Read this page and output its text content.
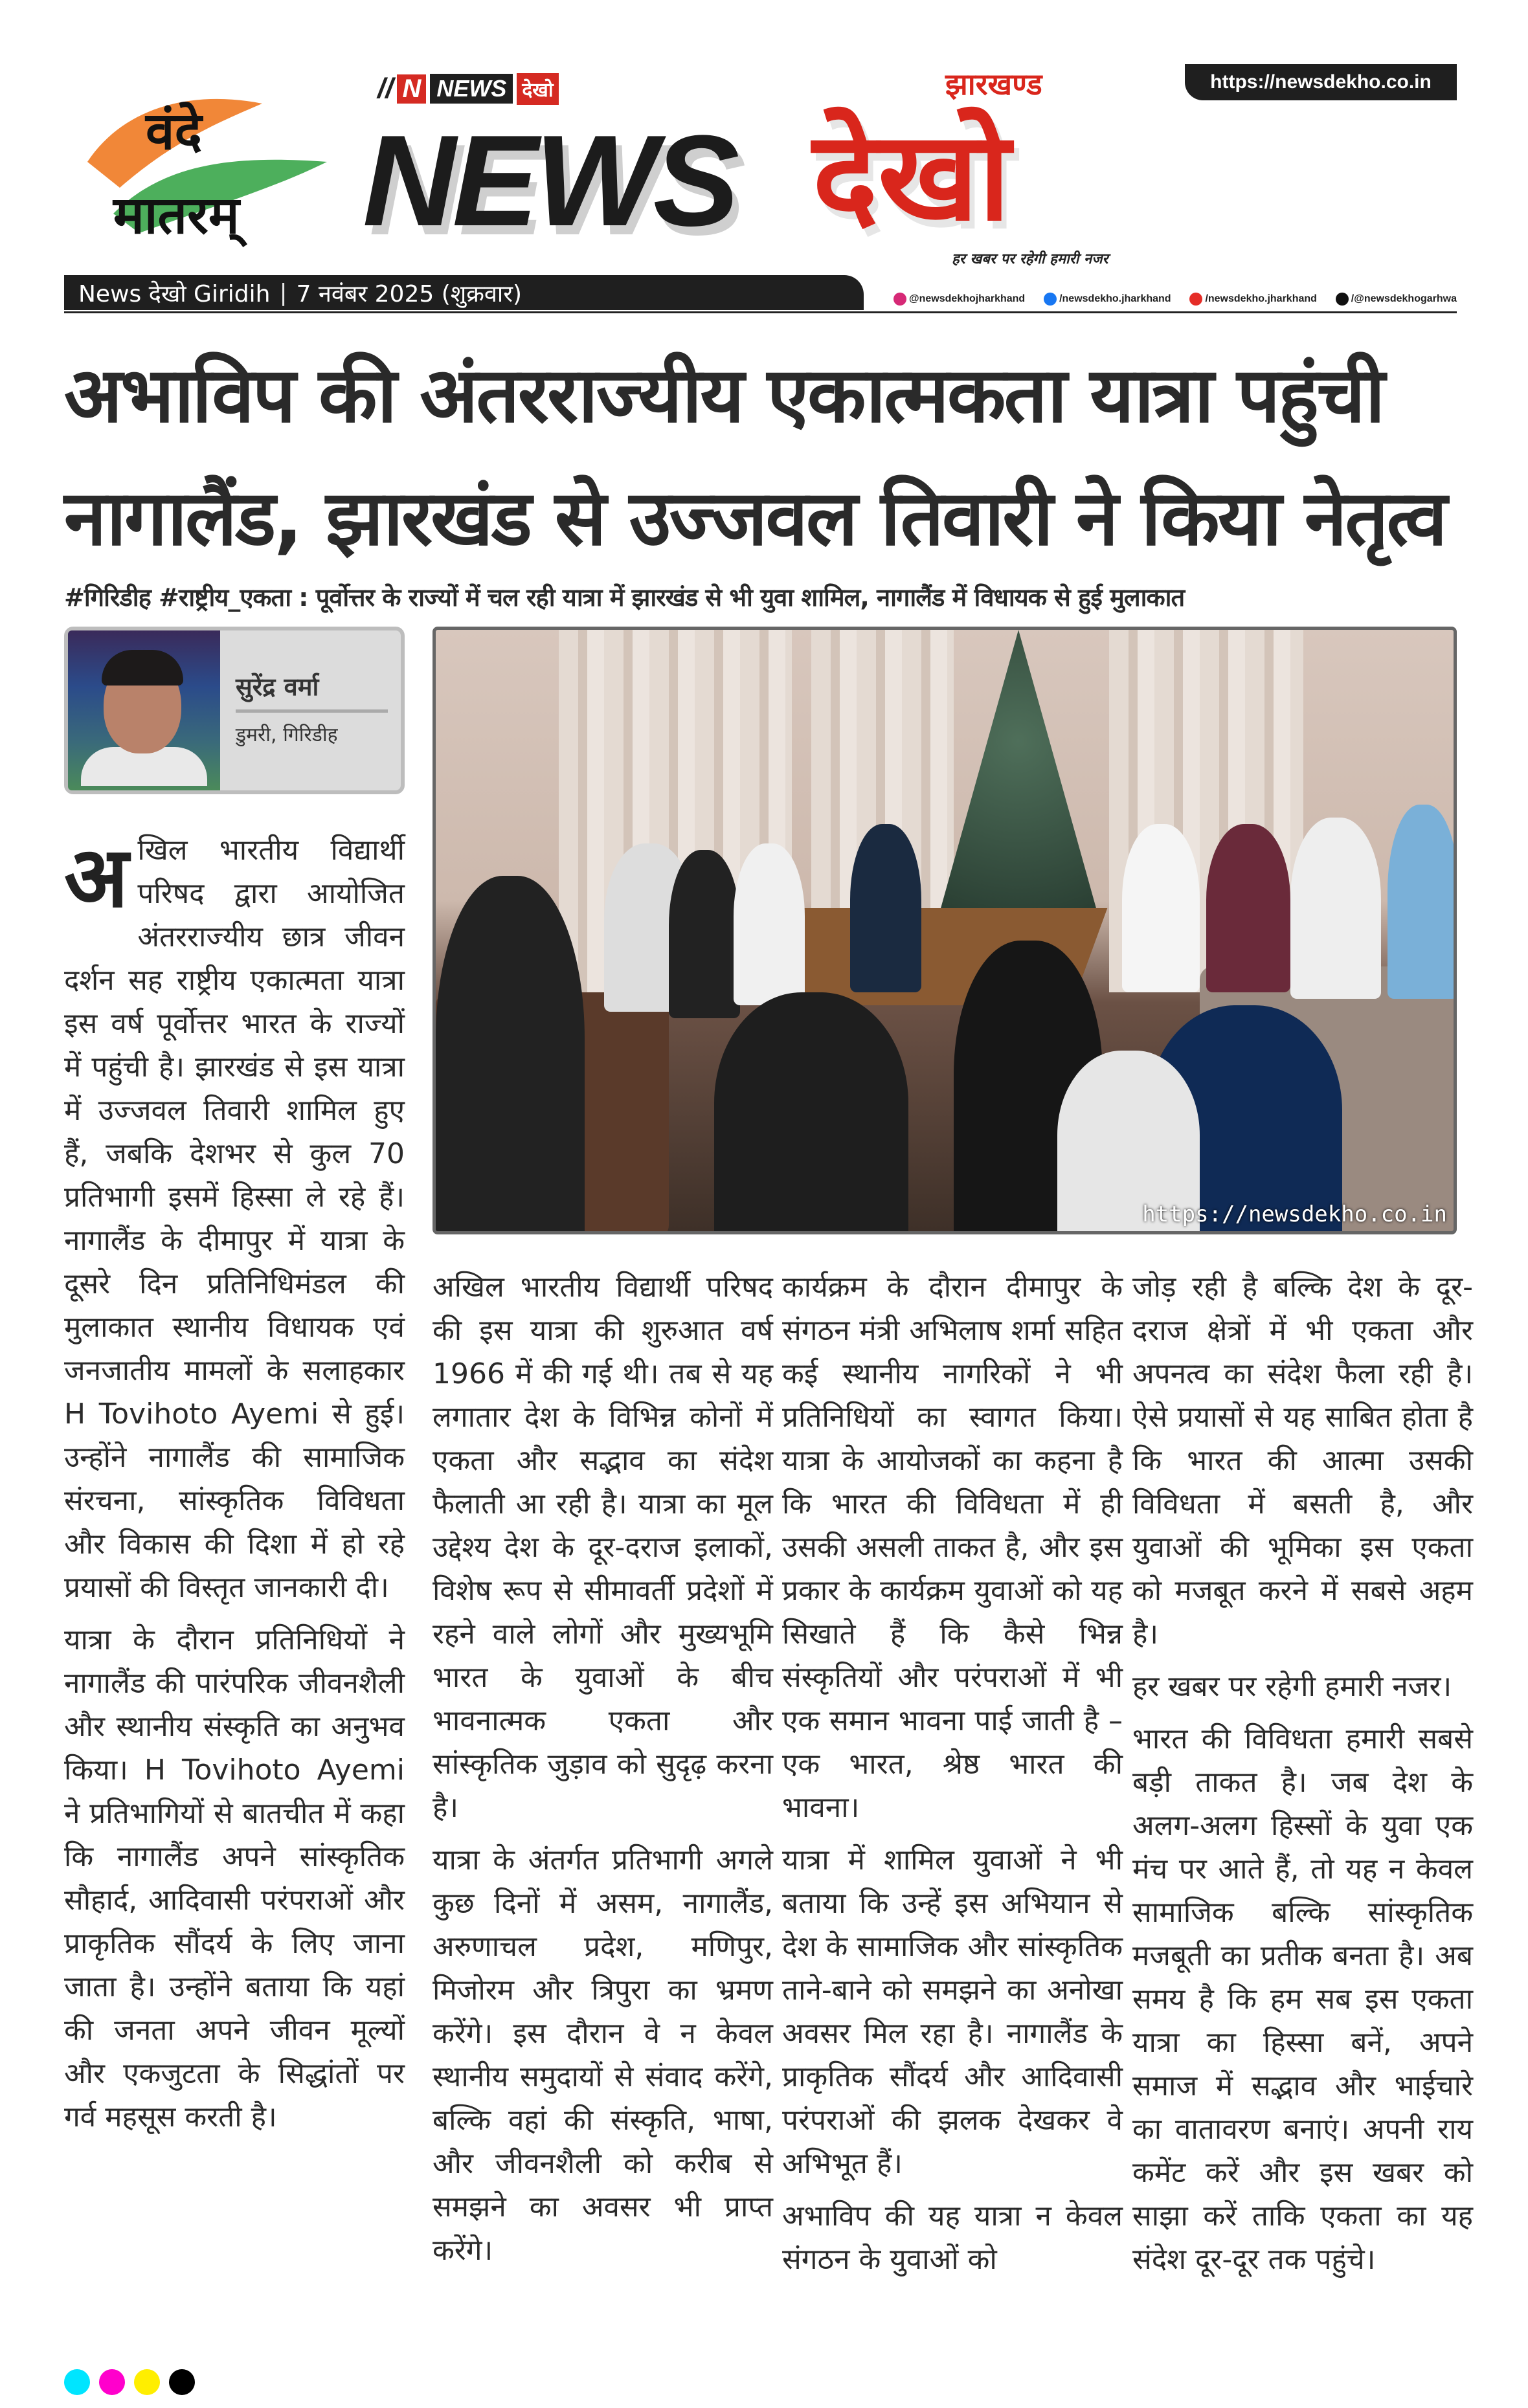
https://newsdekho.co.in
वंदे
मातरम्
// N NEWS देखो
NEWS
झारखण्ड
देखो
हर खबर पर रहेगी हमारी नजर
News देखो Giridih | 7 नवंबर 2025 (शुक्रवार)	@newsdekhojharkhand	/newsdekho.jharkhand	/newsdekho.jharkhand	/@newsdekhogarhwa
अभाविप की अंतरराज्यीय एकात्मकता यात्रा पहुंची
नागालैंड, झारखंड से उज्जवल तिवारी ने किया नेतृत्व
#गिरिडीह #राष्ट्रीय_एकता : पूर्वोत्तर के राज्यों में चल रही यात्रा में झारखंड से भी युवा शामिल, नागालैंड में विधायक से हुई मुलाकात
सुरेंद्र वर्मा
डुमरी, गिरिडीह
https://newsdekho.co.in

अखिल भारतीय विद्यार्थी परिषद द्वारा आयोजित अंतरराज्यीय छात्र जीवन दर्शन सह राष्ट्रीय एकात्मता यात्रा इस वर्ष पूर्वोत्तर भारत के राज्यों में पहुंची है। झारखंड से इस यात्रा में उज्जवल तिवारी शामिल हुए हैं, जबकि देशभर से कुल 70 प्रतिभागी इसमें हिस्सा ले रहे हैं। नागालैंड के दीमापुर में यात्रा के दूसरे दिन प्रतिनिधिमंडल की मुलाकात स्थानीय विधायक एवं जनजातीय मामलों के सलाहकार H Tovihoto Ayemi से हुई। उन्होंने नागालैंड की सामाजिक संरचना, सांस्कृतिक विविधता और विकास की दिशा में हो रहे प्रयासों की विस्तृत जानकारी दी।

यात्रा के दौरान प्रतिनिधियों ने नागालैंड की पारंपरिक जीवनशैली और स्थानीय संस्कृति का अनुभव किया। H Tovihoto Ayemi ने प्रतिभागियों से बातचीत में कहा कि नागालैंड अपने सांस्कृतिक सौहार्द, आदिवासी परंपराओं और प्राकृतिक सौंदर्य के लिए जाना जाता है। उन्होंने बताया कि यहां की जनता अपने जीवन मूल्यों और एकजुटता के सिद्धांतों पर गर्व महसूस करती है।

अखिल भारतीय विद्यार्थी परिषद की इस यात्रा की शुरुआत वर्ष 1966 में की गई थी। तब से यह लगातार देश के विभिन्न कोनों में एकता और सद्भाव का संदेश फैलाती आ रही है। यात्रा का मूल उद्देश्य देश के दूर-दराज इलाकों, विशेष रूप से सीमावर्ती प्रदेशों में रहने वाले लोगों और मुख्यभूमि भारत के युवाओं के बीच भावनात्मक एकता और सांस्कृतिक जुड़ाव को सुदृढ़ करना है।

यात्रा के अंतर्गत प्रतिभागी अगले कुछ दिनों में असम, नागालैंड, अरुणाचल प्रदेश, मणिपुर, मिजोरम और त्रिपुरा का भ्रमण करेंगे। इस दौरान वे न केवल स्थानीय समुदायों से संवाद करेंगे, बल्कि वहां की संस्कृति, भाषा, और जीवनशैली को करीब से समझने का अवसर भी प्राप्त करेंगे।

कार्यक्रम के दौरान दीमापुर के संगठन मंत्री अभिलाष शर्मा सहित कई स्थानीय नागरिकों ने भी प्रतिनिधियों का स्वागत किया। यात्रा के आयोजकों का कहना है कि भारत की विविधता में ही उसकी असली ताकत है, और इस प्रकार के कार्यक्रम युवाओं को यह सिखाते हैं कि कैसे भिन्न संस्कृतियों और परंपराओं में भी एक समान भावना पाई जाती है – एक भारत, श्रेष्ठ भारत की भावना।

यात्रा में शामिल युवाओं ने भी बताया कि उन्हें इस अभियान से देश के सामाजिक और सांस्कृतिक ताने-बाने को समझने का अनोखा अवसर मिल रहा है। नागालैंड के प्राकृतिक सौंदर्य और आदिवासी परंपराओं की झलक देखकर वे अभिभूत हैं।

अभाविप की यह यात्रा न केवल संगठन के युवाओं को

जोड़ रही है बल्कि देश के दूर-दराज क्षेत्रों में भी एकता और अपनत्व का संदेश फैला रही है। ऐसे प्रयासों से यह साबित होता है कि भारत की आत्मा उसकी विविधता में बसती है, और युवाओं की भूमिका इस एकता को मजबूत करने में सबसे अहम है।

हर खबर पर रहेगी हमारी नजर।

भारत की विविधता हमारी सबसे बड़ी ताकत है। जब देश के अलग-अलग हिस्सों के युवा एक मंच पर आते हैं, तो यह न केवल सामाजिक बल्कि सांस्कृतिक मजबूती का प्रतीक बनता है। अब समय है कि हम सब इस एकता यात्रा का हिस्सा बनें, अपने समाज में सद्भाव और भाईचारे का वातावरण बनाएं। अपनी राय कमेंट करें और इस खबर को साझा करें ताकि एकता का यह संदेश दूर-दूर तक पहुंचे।
